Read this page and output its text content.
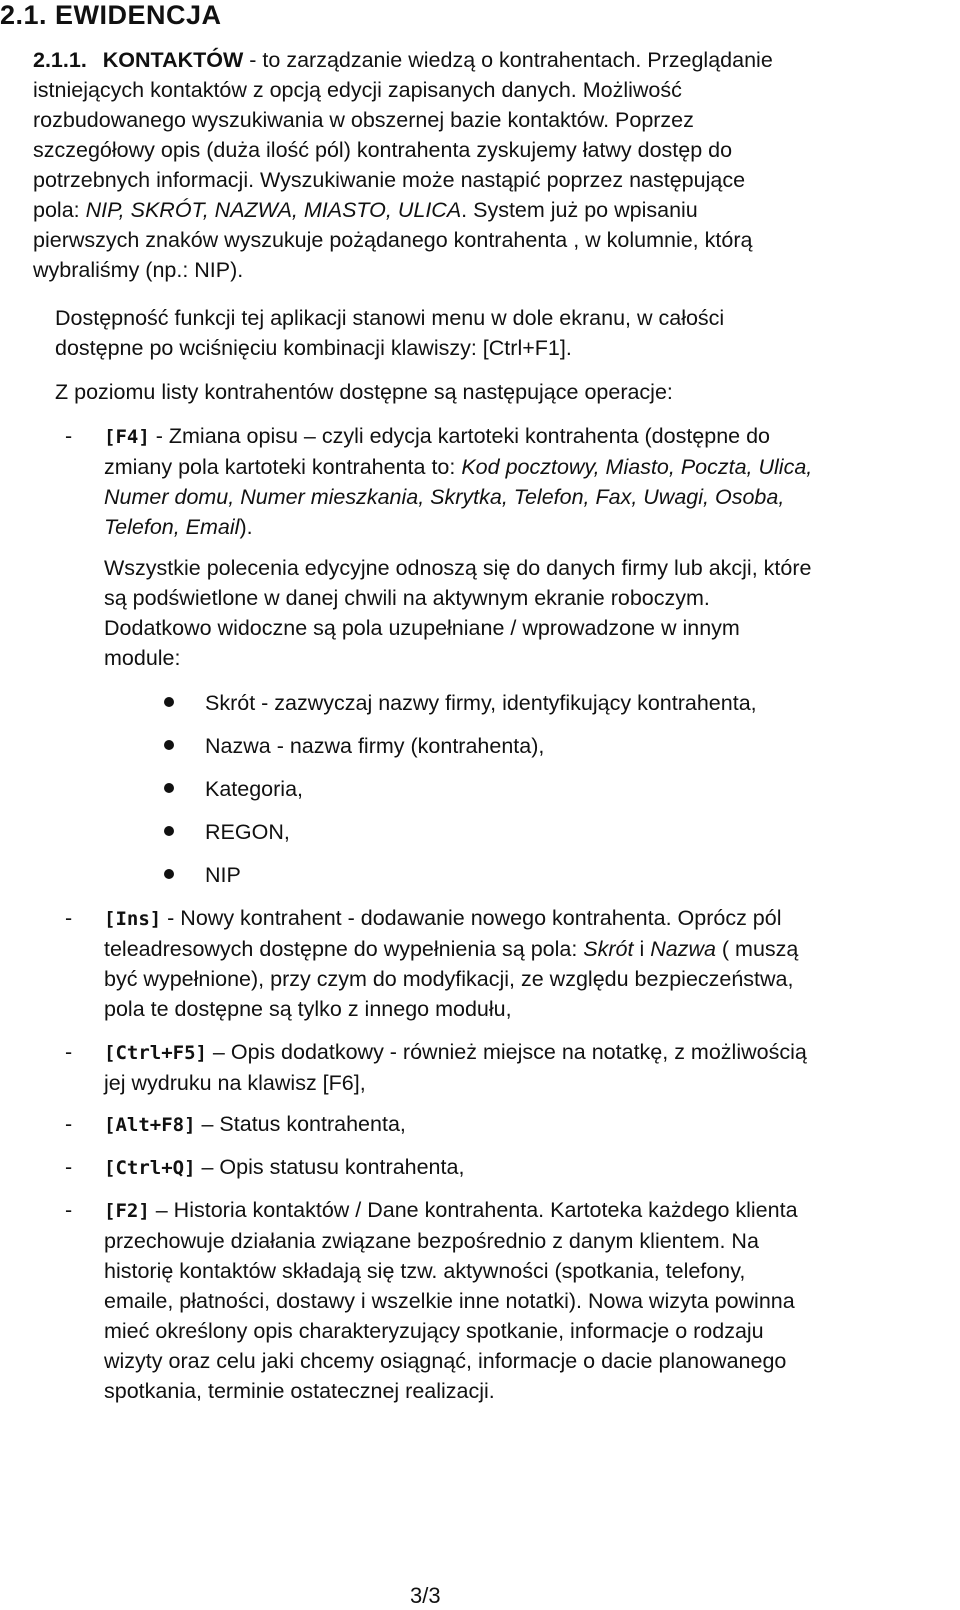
2.1. EWIDENCJA
2.1.1. KONTAKTÓW - to zarządzanie wiedzą o kontrahentach. Przeglądanie
istniejących kontaktów z opcją edycji zapisanych danych. Możliwość
rozbudowanego wyszukiwania w obszernej bazie kontaktów. Poprzez
szczegółowy opis (duża ilość pól) kontrahenta zyskujemy łatwy dostęp do
potrzebnych informacji. Wyszukiwanie może nastąpić poprzez następujące
pola: NIP, SKRÓT, NAZWA, MIASTO, ULICA. System już po wpisaniu
pierwszych znaków wyszukuje pożądanego kontrahenta , w kolumnie, którą
wybraliśmy (np.: NIP).
Dostępność funkcji tej aplikacji stanowi menu w dole ekranu, w całości
dostępne po wciśnięciu kombinacji klawiszy: [Ctrl+F1].
Z poziomu listy kontrahentów dostępne są następujące operacje:
- [F4] - Zmiana opisu – czyli edycja kartoteki kontrahenta (dostępne do
zmiany pola kartoteki kontrahenta to: Kod pocztowy, Miasto, Poczta, Ulica,
Numer domu, Numer mieszkania, Skrytka, Telefon, Fax, Uwagi, Osoba,
Telefon, Email).
Wszystkie polecenia edycyjne odnoszą się do danych firmy lub akcji, które
są podświetlone w danej chwili na aktywnym ekranie roboczym.
Dodatkowo widoczne są pola uzupełniane / wprowadzone w innym
module:
Skrót - zazwyczaj nazwy firmy, identyfikujący kontrahenta,
Nazwa - nazwa firmy (kontrahenta),
Kategoria,
REGON,
NIP
- [Ins] - Nowy kontrahent - dodawanie nowego kontrahenta. Oprócz pól
teleadresowych dostępne do wypełnienia są pola: Skrót i Nazwa ( muszą
być wypełnione), przy czym do modyfikacji, ze względu bezpieczeństwa,
pola te dostępne są tylko z innego modułu,
- [Ctrl+F5] – Opis dodatkowy - również miejsce na notatkę, z możliwością
jej wydruku na klawisz [F6],
- [Alt+F8] – Status kontrahenta,
- [Ctrl+Q] – Opis statusu kontrahenta,
- [F2] – Historia kontaktów / Dane kontrahenta. Kartoteka każdego klienta
przechowuje działania związane bezpośrednio z danym klientem. Na
historię kontaktów składają się tzw. aktywności (spotkania, telefony,
emaile, płatności, dostawy i wszelkie inne notatki). Nowa wizyta powinna
mieć określony opis charakteryzujący spotkanie, informacje o rodzaju
wizyty oraz celu jaki chcemy osiągnąć, informacje o dacie planowanego
spotkania, terminie ostatecznej realizacji.
3/3
